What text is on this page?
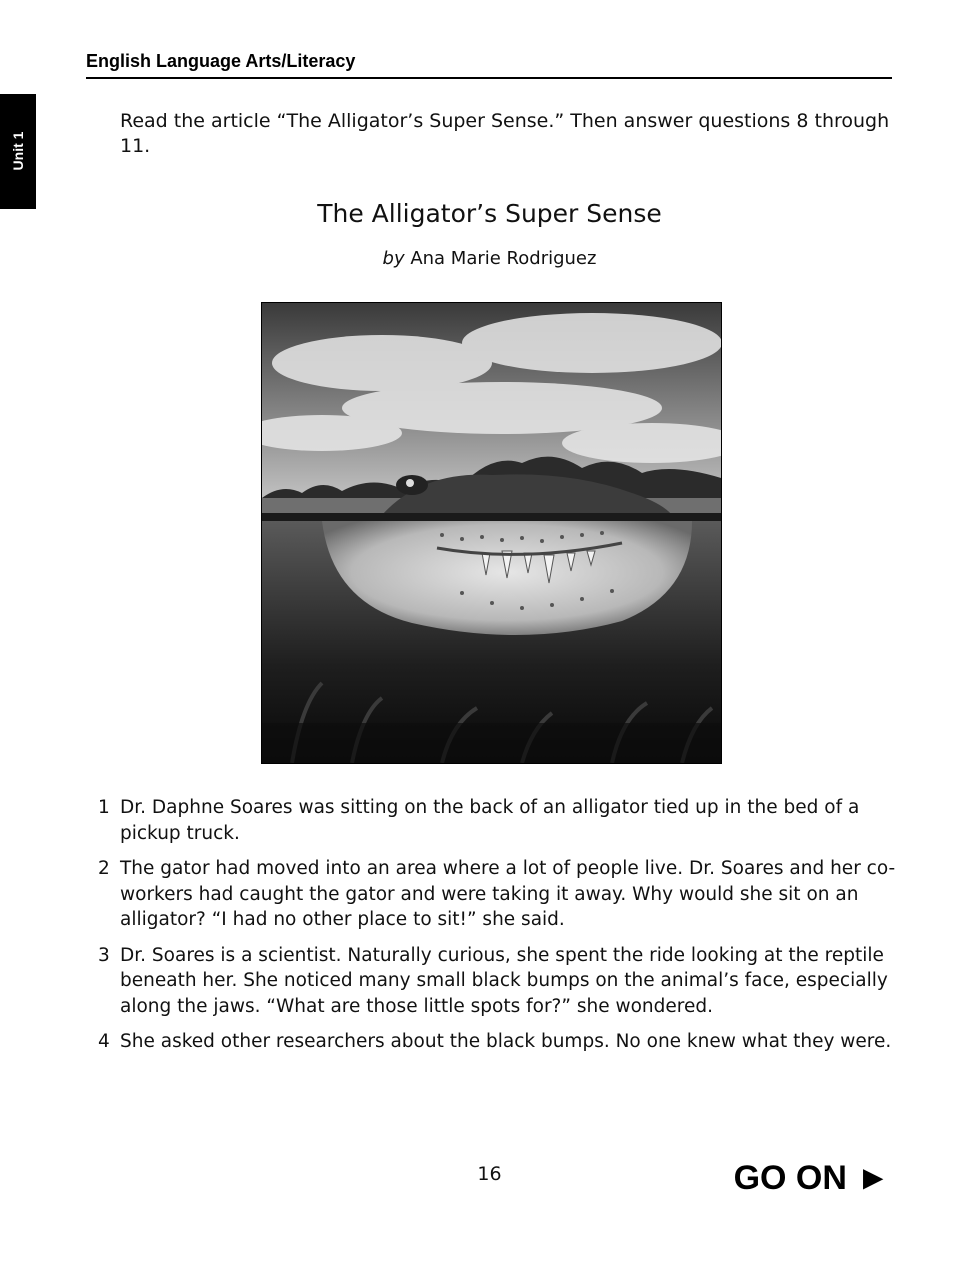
English Language Arts/Literacy
Unit 1

Read the article “The Alligator’s Super Sense.” Then answer questions 8 through 11.

The Alligator’s Super Sense
by Ana Marie Rodriguez
1 Dr. Daphne Soares was sitting on the back of an alligator tied up in the bed of a pickup truck.
2 The gator had moved into an area where a lot of people live. Dr. Soares and her co-workers had caught the gator and were taking it away. Why would she sit on an alligator? “I had no other place to sit!” she said.
3 Dr. Soares is a scientist. Naturally curious, she spent the ride looking at the reptile beneath her. She noticed many small black bumps on the animal’s face, especially along the jaws. “What are those little spots for?” she wondered.
4 She asked other researchers about the black bumps. No one knew what they were.
16	GO ON ►
